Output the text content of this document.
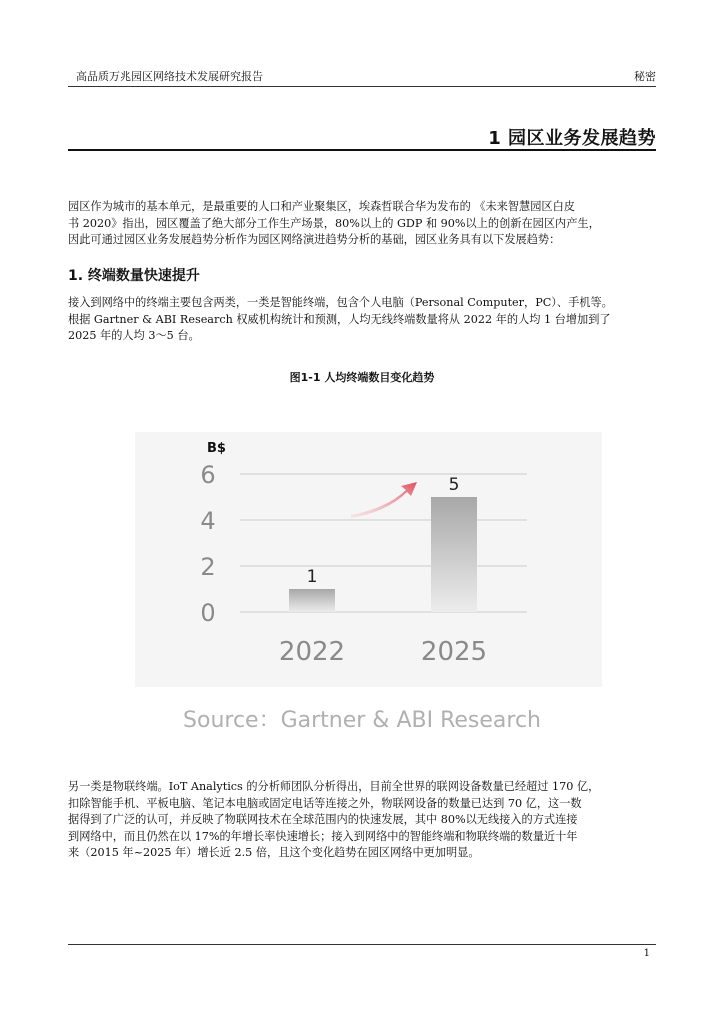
高品质万兆园区网络技术发展研究报告	秘密
1 园区业务发展趋势
园区作为城市的基本单元，是最重要的人口和产业聚集区，埃森哲联合华为发布的 《未来智慧园区白皮
书 2020》指出，园区覆盖了绝大部分工作生产场景，80%以上的 GDP 和 90%以上的创新在园区内产生，
因此可通过园区业务发展趋势分析作为园区网络演进趋势分析的基础，园区业务具有以下发展趋势：
1. 终端数量快速提升
接入到网络中的终端主要包含两类，一类是智能终端，包含个人电脑（Personal Computer，PC）、手机等。
根据 Gartner & ABI Research 权威机构统计和预测，人均无线终端数量将从 2022 年的人均 1 台增加到了
2025 年的人均 3～5 台。
图1-1 人均终端数目变化趋势
0
2
4
6
B$
1
5
2022	2025
Source：Gartner & ABI Research
另一类是物联终端。IoT Analytics 的分析师团队分析得出，目前全世界的联网设备数量已经超过 170 亿，
扣除智能手机、平板电脑、笔记本电脑或固定电话等连接之外，物联网设备的数量已达到 70 亿，这一数
据得到了广泛的认可，并反映了物联网技术在全球范围内的快速发展，其中 80%以无线接入的方式连接
到网络中，而且仍然在以 17%的年增长率快速增长；接入到网络中的智能终端和物联终端的数量近十年
来（2015 年~2025 年）增长近 2.5 倍，且这个变化趋势在园区网络中更加明显。
1
